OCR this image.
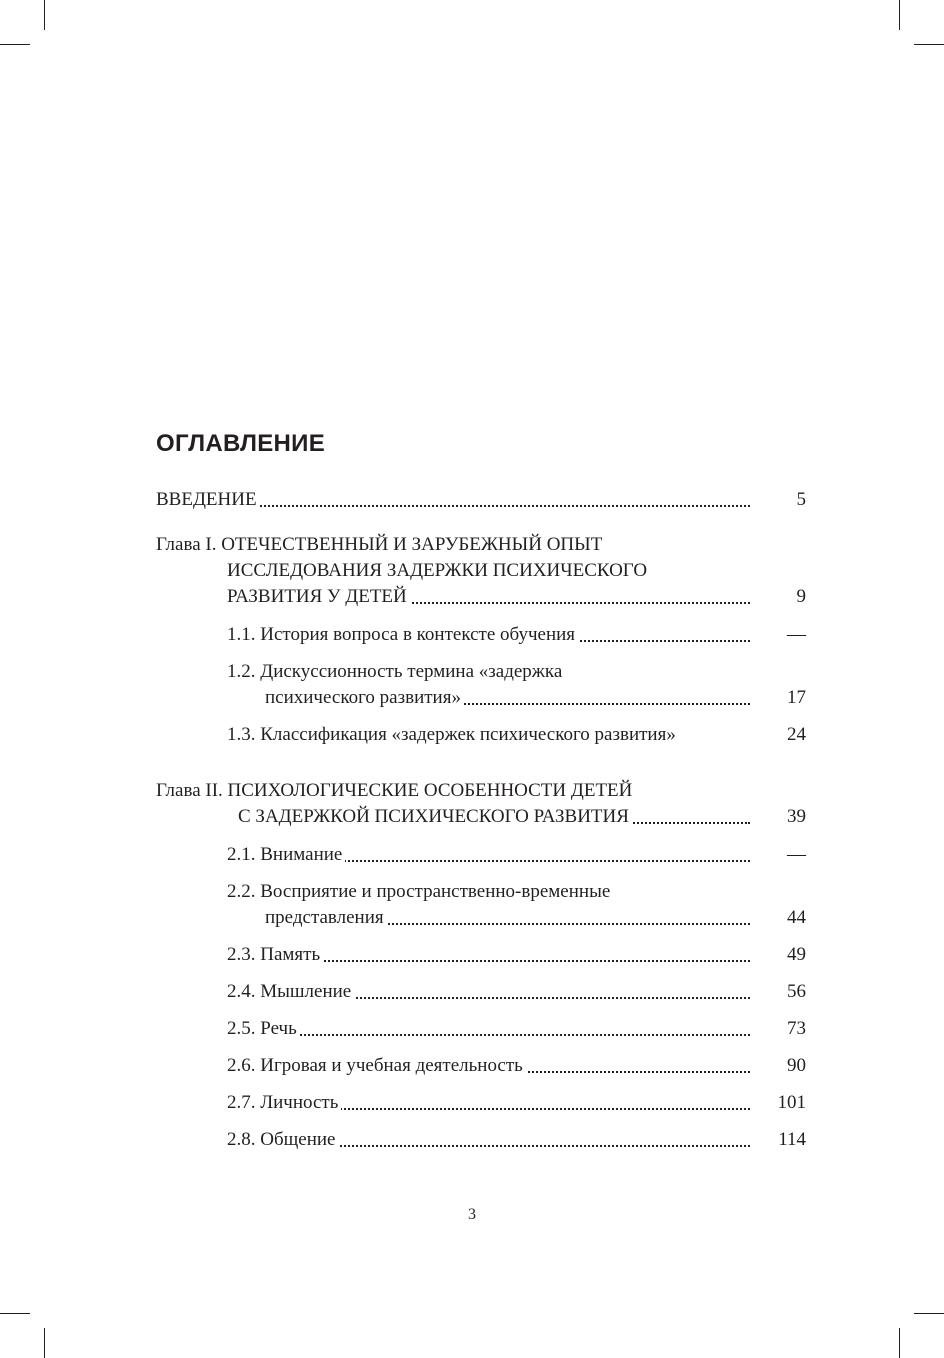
ОГЛАВЛЕНИЕ
ВВЕДЕНИЕ	5
Глава I. ОТЕЧЕСТВЕННЫЙ И ЗАРУБЕЖНЫЙ ОПЫТ
ИССЛЕДОВАНИЯ ЗАДЕРЖКИ ПСИХИЧЕСКОГО
РАЗВИТИЯ У ДЕТЕЙ	9
1.1. История вопроса в контексте обучения	—
1.2. Дискуссионность термина «задержка
психического развития»	17
1.3. Классификация «задержек психического развития»	24
Глава II. ПСИХОЛОГИЧЕСКИЕ ОСОБЕННОСТИ ДЕТЕЙ
С ЗАДЕРЖКОЙ ПСИХИЧЕСКОГО РАЗВИТИЯ	39
2.1. Внимание	—
2.2. Восприятие и пространственно-временные
представления	44
2.3. Память	49
2.4. Мышление	56
2.5. Речь	73
2.6. Игровая и учебная деятельность	90
2.7. Личность	101
2.8. Общение	114
3
